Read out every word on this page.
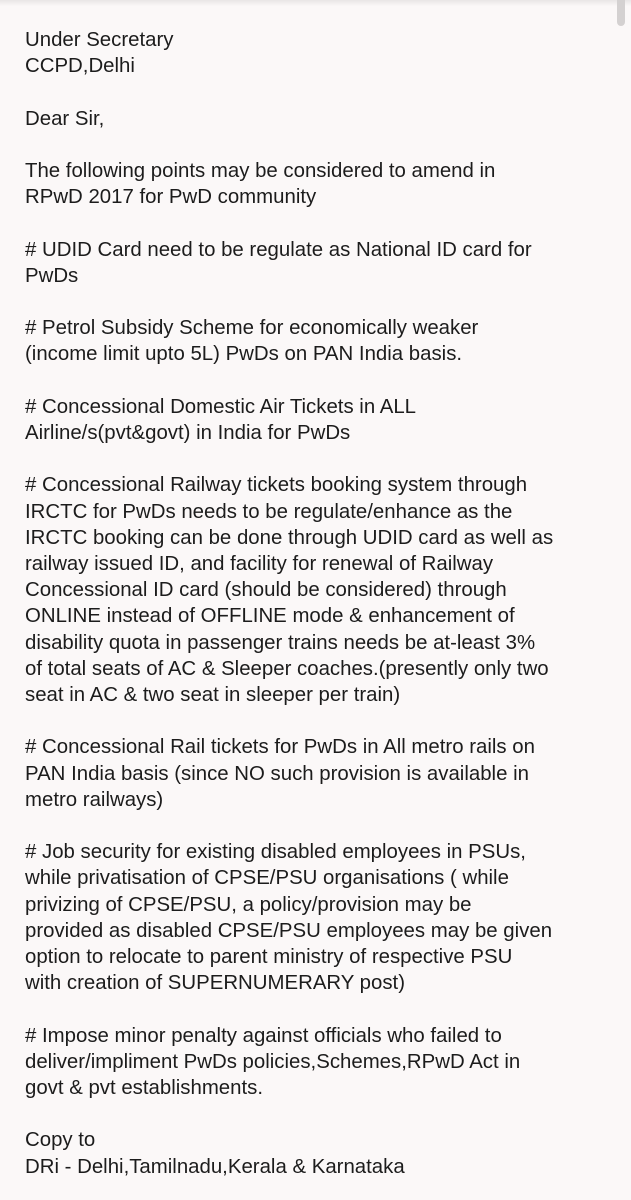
Under Secretary
CCPD,Delhi

Dear Sir,

The following points may be considered to amend in
RPwD 2017 for PwD community

# UDID Card need to be regulate as National ID card for
PwDs

# Petrol Subsidy Scheme for economically weaker
(income limit upto 5L) PwDs on PAN India basis.

# Concessional Domestic Air Tickets in ALL
Airline/s(pvt&govt) in India for PwDs

# Concessional Railway tickets booking system through
IRCTC for PwDs needs to be regulate/enhance as the
IRCTC booking can be done through UDID card as well as
railway issued ID, and facility for renewal of Railway
Concessional ID card (should be considered) through
ONLINE instead of OFFLINE mode & enhancement of
disability quota in passenger trains needs be at-least 3%
of total seats of AC & Sleeper coaches.(presently only two
seat in AC & two seat in sleeper per train)

# Concessional Rail tickets for PwDs in All metro rails on
PAN India basis (since NO such provision is available in
metro railways)

# Job security for existing disabled employees in PSUs,
while privatisation of CPSE/PSU organisations ( while
privizing of CPSE/PSU, a policy/provision may be
provided as disabled CPSE/PSU employees may be given
option to relocate to parent ministry of respective PSU
with creation of SUPERNUMERARY post)

# Impose minor penalty against officials who failed to
deliver/impliment PwDs policies,Schemes,RPwD Act in
govt & pvt establishments.

Copy to

DRi - Delhi,Tamilnadu,Kerala & Karnataka
